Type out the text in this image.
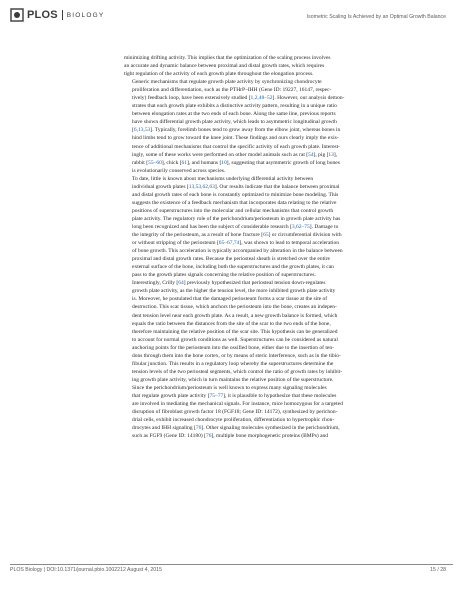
PLOS BIOLOGY	Isometric Scaling Is Achieved by an Optimal Growth Balance

minimizing drifting activity. This implies that the optimization of the scaling process involves
an accurate and dynamic balance between proximal and distal growth rates, which requires
tight regulation of the activity of each growth plate throughout the elongation process.

Generic mechanisms that regulate growth plate activity by synchronizing chondrocyte
proliferation and differentiation, such as the PTHrP–IHH (Gene ID: 19227, 16147, respec-
tively) feedback loop, have been extensively studied [1,2,48–52]. However, our analysis demon-
strates that each growth plate exhibits a distinctive activity pattern, resulting in a unique ratio
between elongation rates at the two ends of each bone. Along the same line, previous reports
have shown differential growth plate activity, which leads to asymmetric longitudinal growth
[6,13,53]. Typically, forelimb bones tend to grow away from the elbow joint, whereas bones in
hind limbs tend to grow toward the knee joint. These findings and ours clearly imply the exis-
tence of additional mechanisms that control the specific activity of each growth plate. Interest-
ingly, some of these works were performed on other model animals such as rat [54], pig [13],
rabbit [55–60], chick [61], and humans [10], suggesting that asymmetric growth of long bones
is evolutionarily conserved across species.

To date, little is known about mechanisms underlying differential activity between
individual growth plates [13,53,62,63]. Our results indicate that the balance between proximal
and distal growth rates of each bone is constantly optimized to minimize bone modeling. This
suggests the existence of a feedback mechanism that incorporates data relating to the relative
positions of superstructures into the molecular and cellular mechanisms that control growth
plate activity. The regulatory role of the perichondrium/periosteum in growth plate activity has
long been recognized and has been the subject of considerable research [3,62–75]. Damage to
the integrity of the periosteum, as a result of bone fracture [65] or circumferential division with
or without stripping of the periosteum [65–67,74], was shown to lead to temporal acceleration
of bone growth. This acceleration is typically accompanied by alteration in the balance between
proximal and distal growth rates. Because the periosteal sheath is stretched over the entire
external surface of the bone, including both the superstructures and the growth plates, it can
pass to the growth plates signals concerning the relative position of superstructures.

Interestingly, Crilly [64] previously hypothesized that periosteal tension down-regulates
growth plate activity, as the higher the tension level, the more inhibited growth plate activity
is. Moreover, he postulated that the damaged periosteum forms a scar tissue at the site of
destruction. This scar tissue, which anchors the periosteum into the bone, creates an indepen-
dent tension level near each growth plate. As a result, a new growth balance is formed, which
equals the ratio between the distances from the site of the scar to the two ends of the bone,
therefore maintaining the relative position of the scar site. This hypothesis can be generalized
to account for normal growth conditions as well. Superstructures can be considered as natural
anchoring points for the periosteum into the ossified bone, either due to the insertion of ten-
dons through them into the bone cortex, or by means of steric interference, such as in the tibio-
fibular junction. This results in a regulatory loop whereby the superstructures determine the
tension levels of the two periosteal segments, which control the ratio of growth rates by inhibit-
ing growth plate activity, which in turn maintains the relative position of the superstructure.

Since the perichondrium/periosteum is well known to express many signaling molecules
that regulate growth plate activity [75–77], it is plausible to hypothesize that these molecules
are involved in mediating the mechanical signals. For instance, mice homozygous for a targeted
disruption of fibroblast growth factor 18 (FGF18; Gene ID: 14172), synthesized by perichon-
drial cells, exhibit increased chondrocyte proliferation, differentiation to hypertrophic chon-
drocytes and IHH signaling [76]. Other signaling molecules synthesized in the perichondrium,
such as FGF9 (Gene ID: 14180) [76], multiple bone morphogenetic proteins (BMPs) and

PLOS Biology | DOI:10.1371/journal.pbio.1002212 August 4, 2015	15 / 28
